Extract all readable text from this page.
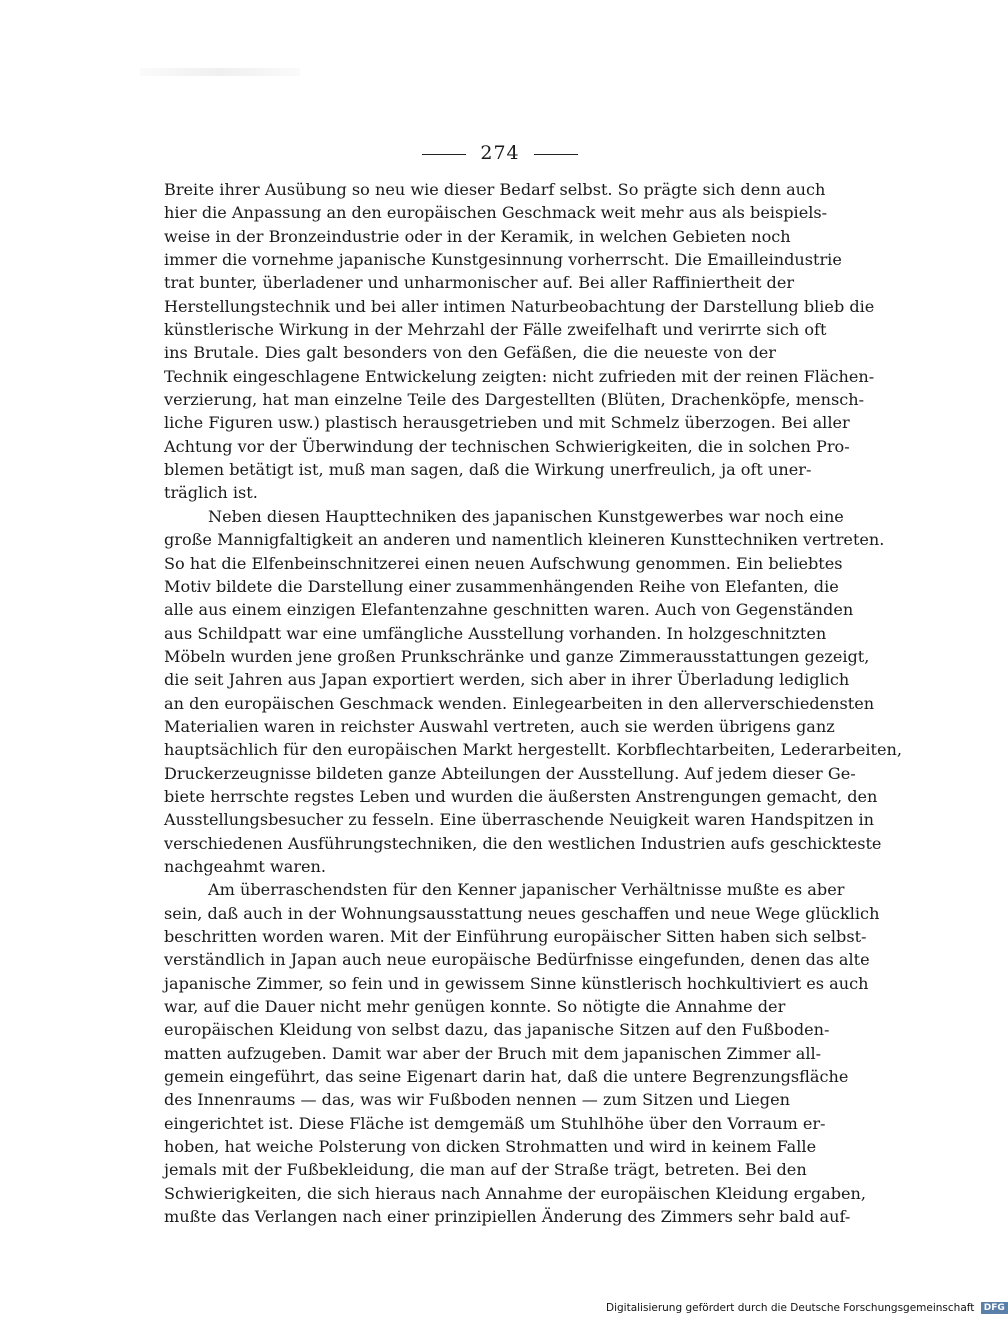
274
Breite ihrer Ausübung so neu wie dieser Bedarf selbst. So prägte sich denn auch
hier die Anpassung an den europäischen Geschmack weit mehr aus als beispiels-
weise in der Bronzeindustrie oder in der Keramik, in welchen Gebieten noch
immer die vornehme japanische Kunstgesinnung vorherrscht. Die Emailleindustrie
trat bunter, überladener und unharmonischer auf. Bei aller Raffiniertheit der
Herstellungstechnik und bei aller intimen Naturbeobachtung der Darstellung blieb die
künstlerische Wirkung in der Mehrzahl der Fälle zweifelhaft und verirrte sich oft
ins Brutale. Dies galt besonders von den Gefäßen, die die neueste von der
Technik eingeschlagene Entwickelung zeigten: nicht zufrieden mit der reinen Flächen-
verzierung, hat man einzelne Teile des Dargestellten (Blüten, Drachenköpfe, mensch-
liche Figuren usw.) plastisch herausgetrieben und mit Schmelz überzogen. Bei aller
Achtung vor der Überwindung der technischen Schwierigkeiten, die in solchen Pro-
blemen betätigt ist, muß man sagen, daß die Wirkung unerfreulich, ja oft uner-
träglich ist.
Neben diesen Haupttechniken des japanischen Kunstgewerbes war noch eine
große Mannigfaltigkeit an anderen und namentlich kleineren Kunsttechniken vertreten.
So hat die Elfenbeinschnitzerei einen neuen Aufschwung genommen. Ein beliebtes
Motiv bildete die Darstellung einer zusammenhängenden Reihe von Elefanten, die
alle aus einem einzigen Elefantenzahne geschnitten waren. Auch von Gegenständen
aus Schildpatt war eine umfängliche Ausstellung vorhanden. In holzgeschnitzten
Möbeln wurden jene großen Prunkschränke und ganze Zimmerausstattungen gezeigt,
die seit Jahren aus Japan exportiert werden, sich aber in ihrer Überladung lediglich
an den europäischen Geschmack wenden. Einlegearbeiten in den allerverschiedensten
Materialien waren in reichster Auswahl vertreten, auch sie werden übrigens ganz
hauptsächlich für den europäischen Markt hergestellt. Korbflechtarbeiten, Lederarbeiten,
Druckerzeugnisse bildeten ganze Abteilungen der Ausstellung. Auf jedem dieser Ge-
biete herrschte regstes Leben und wurden die äußersten Anstrengungen gemacht, den
Ausstellungsbesucher zu fesseln. Eine überraschende Neuigkeit waren Handspitzen in
verschiedenen Ausführungstechniken, die den westlichen Industrien aufs geschickteste
nachgeahmt waren.
Am überraschendsten für den Kenner japanischer Verhältnisse mußte es aber
sein, daß auch in der Wohnungsausstattung neues geschaffen und neue Wege glücklich
beschritten worden waren. Mit der Einführung europäischer Sitten haben sich selbst-
verständlich in Japan auch neue europäische Bedürfnisse eingefunden, denen das alte
japanische Zimmer, so fein und in gewissem Sinne künstlerisch hochkultiviert es auch
war, auf die Dauer nicht mehr genügen konnte. So nötigte die Annahme der
europäischen Kleidung von selbst dazu, das japanische Sitzen auf den Fußboden-
matten aufzugeben. Damit war aber der Bruch mit dem japanischen Zimmer all-
gemein eingeführt, das seine Eigenart darin hat, daß die untere Begrenzungsfläche
des Innenraums — das, was wir Fußboden nennen — zum Sitzen und Liegen
eingerichtet ist. Diese Fläche ist demgemäß um Stuhlhöhe über den Vorraum er-
hoben, hat weiche Polsterung von dicken Strohmatten und wird in keinem Falle
jemals mit der Fußbekleidung, die man auf der Straße trägt, betreten. Bei den
Schwierigkeiten, die sich hieraus nach Annahme der europäischen Kleidung ergaben,
mußte das Verlangen nach einer prinzipiellen Änderung des Zimmers sehr bald auf-
Digitalisierung gefördert durch die Deutsche Forschungsgemeinschaft DFG
